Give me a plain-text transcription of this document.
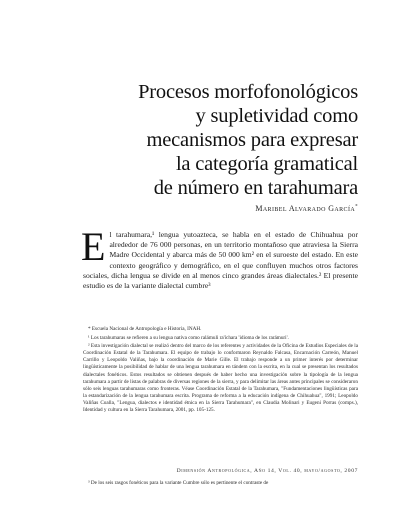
Procesos morfofonológicos
y supletividad como
mecanismos para expresar
la categoría gramatical
de número en tarahumara
Maribel Alvarado García*
E l tarahumara,¹ lengua yutoazteca, se habla en el estado de Chihuahua por alrededor de 76 000 personas, en un territorio montañoso que atraviesa la Sierra Madre Occidental y abarca más de 50 000 km² en el suroeste del estado. En este contexto geográfico y demográfico, en el que confluyen muchos otros factores sociales, dicha lengua se divide en al menos cinco grandes áreas dialectales.² El presente estudio es de la variante dialectal cumbre³

* Escuela Nacional de Antropología e Historia, INAH.

¹ Los tarahumaras se refieren a su lengua nativa como ralámuli ra'íchara 'idioma de los rarámuri'.

² Esta investigación dialectal se realizó dentro del marco de los referentes y actividades de la Oficina de Estudios Especiales de la Coordinación Estatal de la Tarahumara. El equipo de trabajo lo conformaron Reynaldo Falcasa, Encarnación Carreón, Manuel Carrillo y Leopoldo Valiñas, bajo la coordinación de Marie Gille. El trabajo responde a un primer interés por determinar lingüísticamente la posibilidad de hablar de una lengua tarahumara en tándem con la escrita, en la cual se presentan los resultados dialectales fonéticos. Estos resultados se obtienen después de haber hecho una investigación sobre la tipología de la lengua tarahumara a partir de listas de palabras de diversas regiones de la sierra, y para delimitar las áreas antes principales se consideraron sólo seis lenguas tarahumaras como fronteras. Véase Coordinación Estatal de la Tarahumara, "Fundamentaciones lingüísticas para la estandarización de la lengua tarahumara escrita. Programa de reforma a la educación indígena de Chihuahua", 1991; Leopoldo Valiñas Coalla, "Lengua, dialectos e identidad étnica en la Sierra Tarahumara", en Claudia Molinari y Eugeni Porras (comps.), Identidad y cultura en la Sierra Tarahumara, 2001, pp. 105-125.

Dimensión Antropológica, Año 14, Vol. 40, mayo/agosto, 2007
³ De los seis rasgos fonéticos para la variante Cumbre sólo es pertinente el contraste de
